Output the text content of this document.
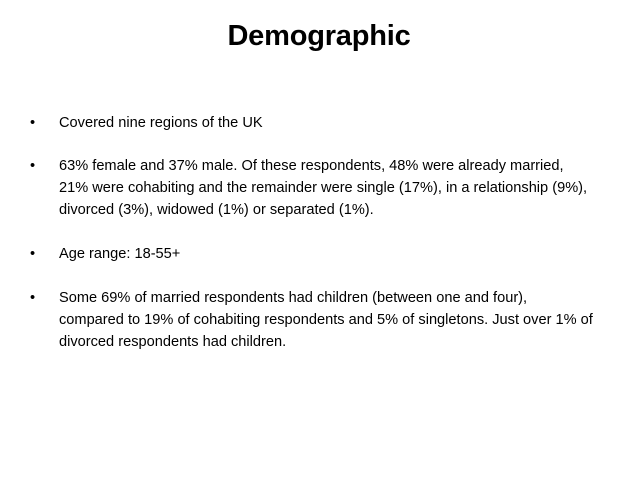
Demographic
•	Covered nine regions of the UK
•	63% female and 37% male. Of these respondents, 48% were already married, 21% were cohabiting and the remainder were single (17%), in a relationship (9%), divorced (3%), widowed (1%) or separated (1%).
•	Age range: 18-55+
•	Some 69% of married respondents had children (between one and four), compared to 19% of cohabiting respondents and 5% of singletons. Just over 1% of divorced respondents had children.
